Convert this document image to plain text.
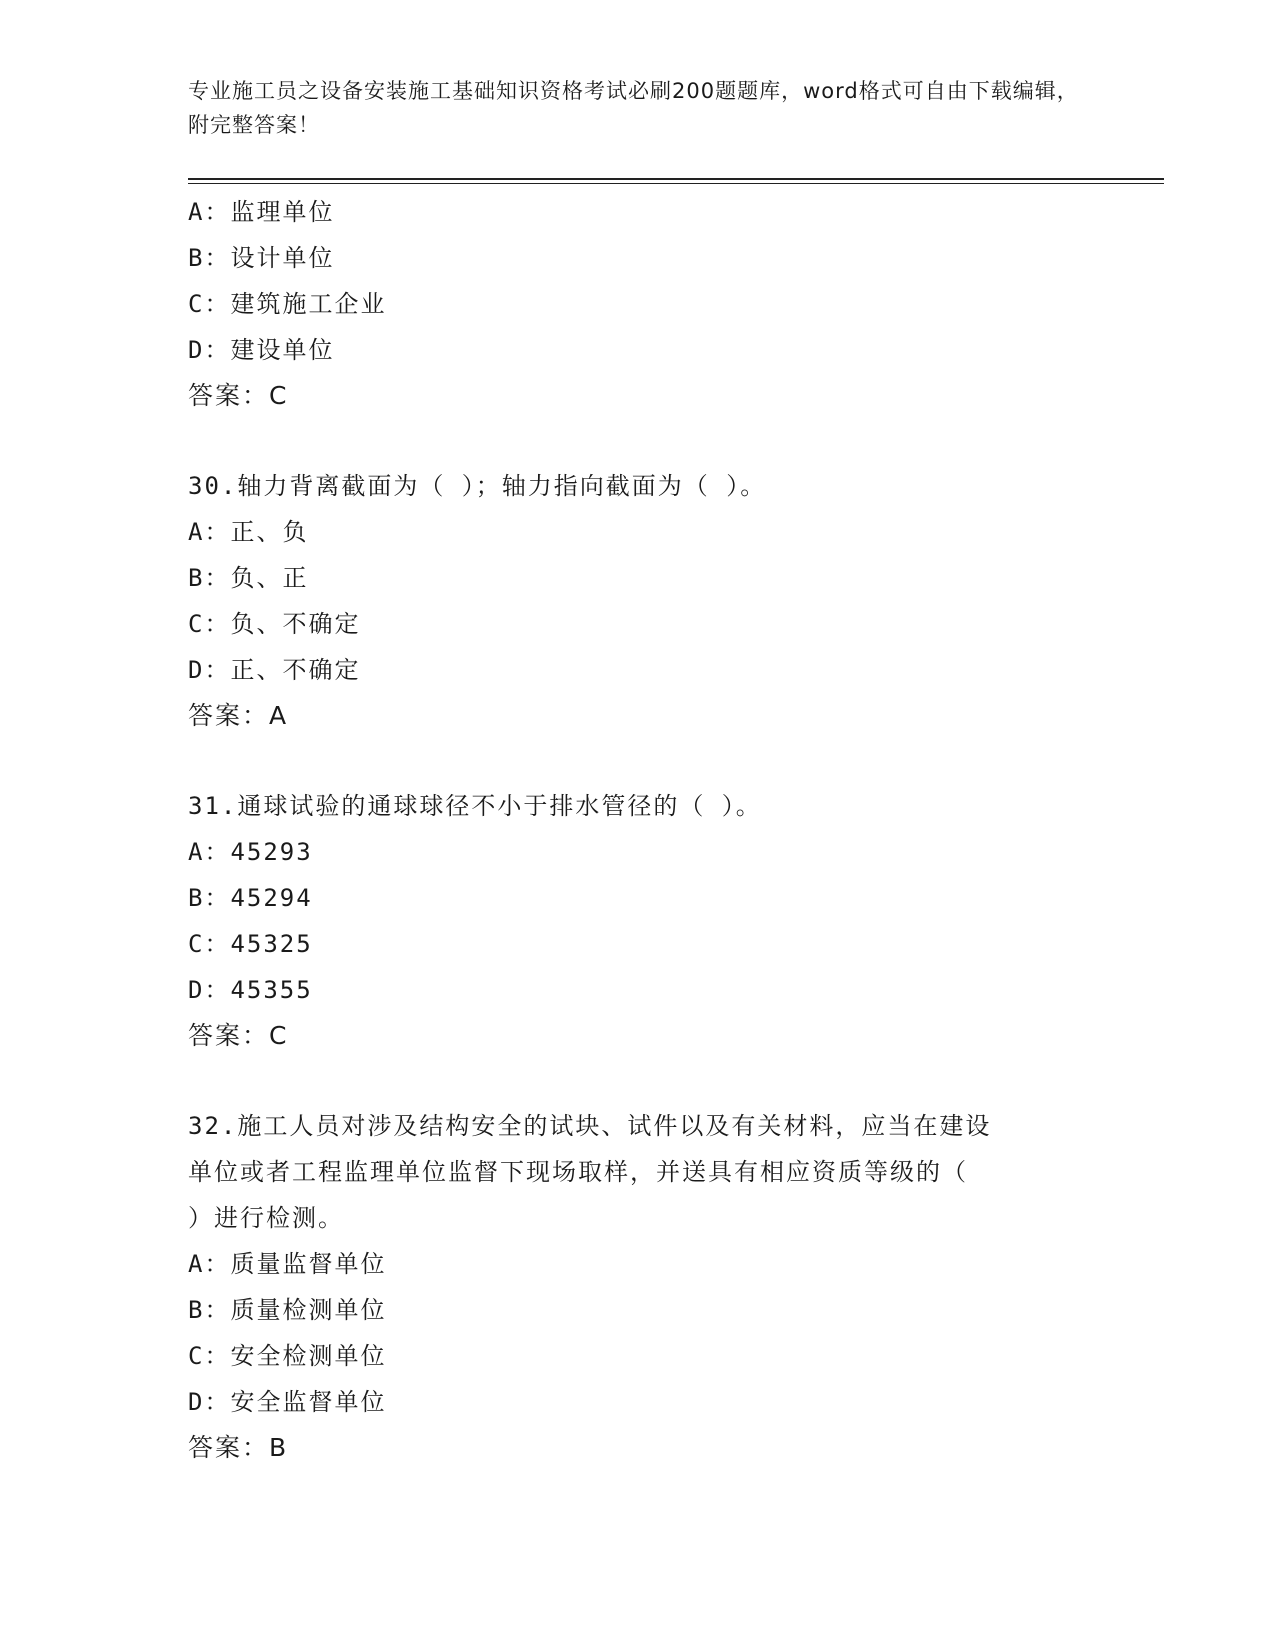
专业施工员之设备安装施工基础知识资格考试必刷200题题库，word格式可自由下载编辑，附完整答案！
A：监理单位
B：设计单位
C：建筑施工企业
D：建设单位
答案：C
30.轴力背离截面为（ ）；轴力指向截面为（ ）。
A：正、负
B：负、正
C：负、不确定
D：正、不确定
答案：A
31.通球试验的通球球径不小于排水管径的（ ）。
A：45293
B：45294
C：45325
D：45355
答案：C
32.施工人员对涉及结构安全的试块、试件以及有关材料，应当在建设
单位或者工程监理单位监督下现场取样，并送具有相应资质等级的（
）进行检测。
A：质量监督单位
B：质量检测单位
C：安全检测单位
D：安全监督单位
答案：B
